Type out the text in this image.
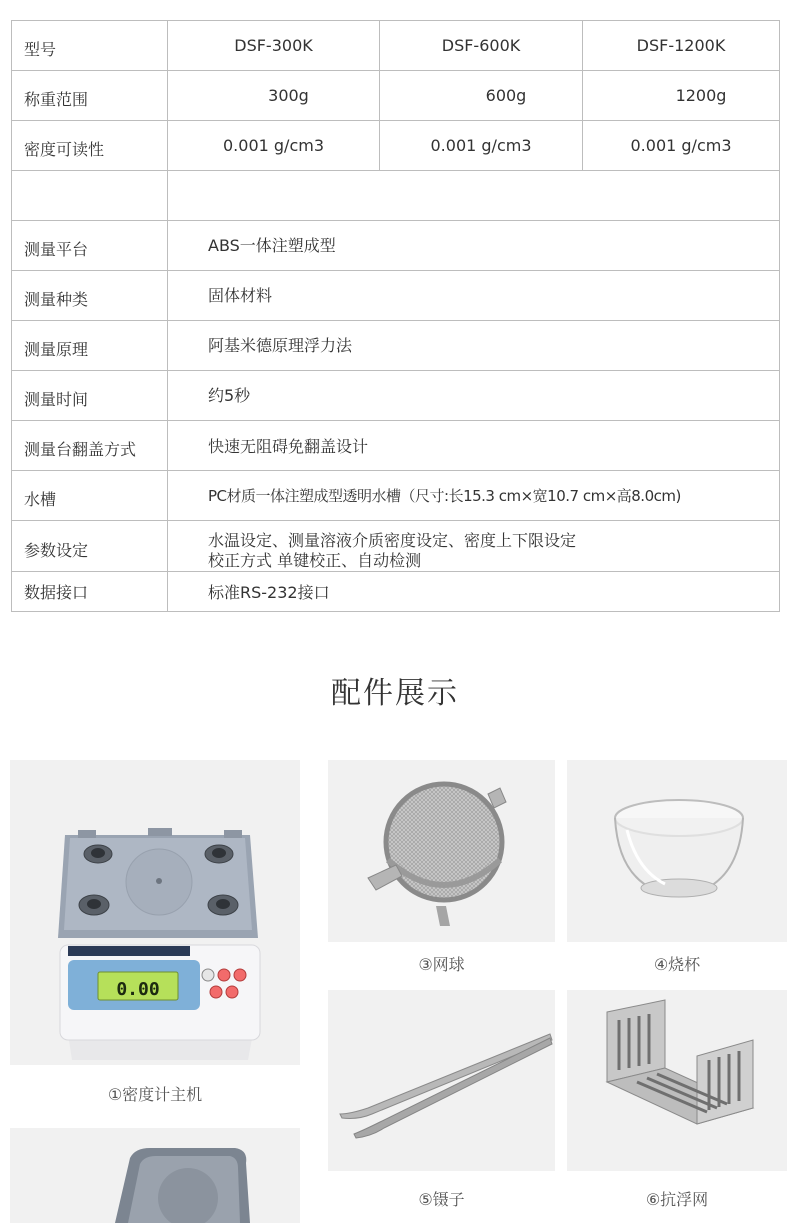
型号	DSF-300K	DSF-600K	DSF-1200K
称重范围	300g	600g	1200g
密度可读性	0.001 g/cm3	0.001 g/cm3	0.001 g/cm3

测量平台	ABS一体注塑成型		
测量种类	固体材料		
测量原理	阿基米德原理浮力法		
测量时间	约5秒		
测量台翻盖方式	快速无阻碍免翻盖设计		
水槽	PC材质一体注塑成型透明水槽（尺寸:长15.3 cm×宽10.7 cm×高8.0cm)		
参数设定	水温设定、测量溶液介质密度设定、密度上下限设定
校正方式 单键校正、自动检测		

数据接口	标准RS-232接口		
配件展示
0.00
①密度计主机
③网球	④烧杯
⑤镊子	⑥抗浮网
